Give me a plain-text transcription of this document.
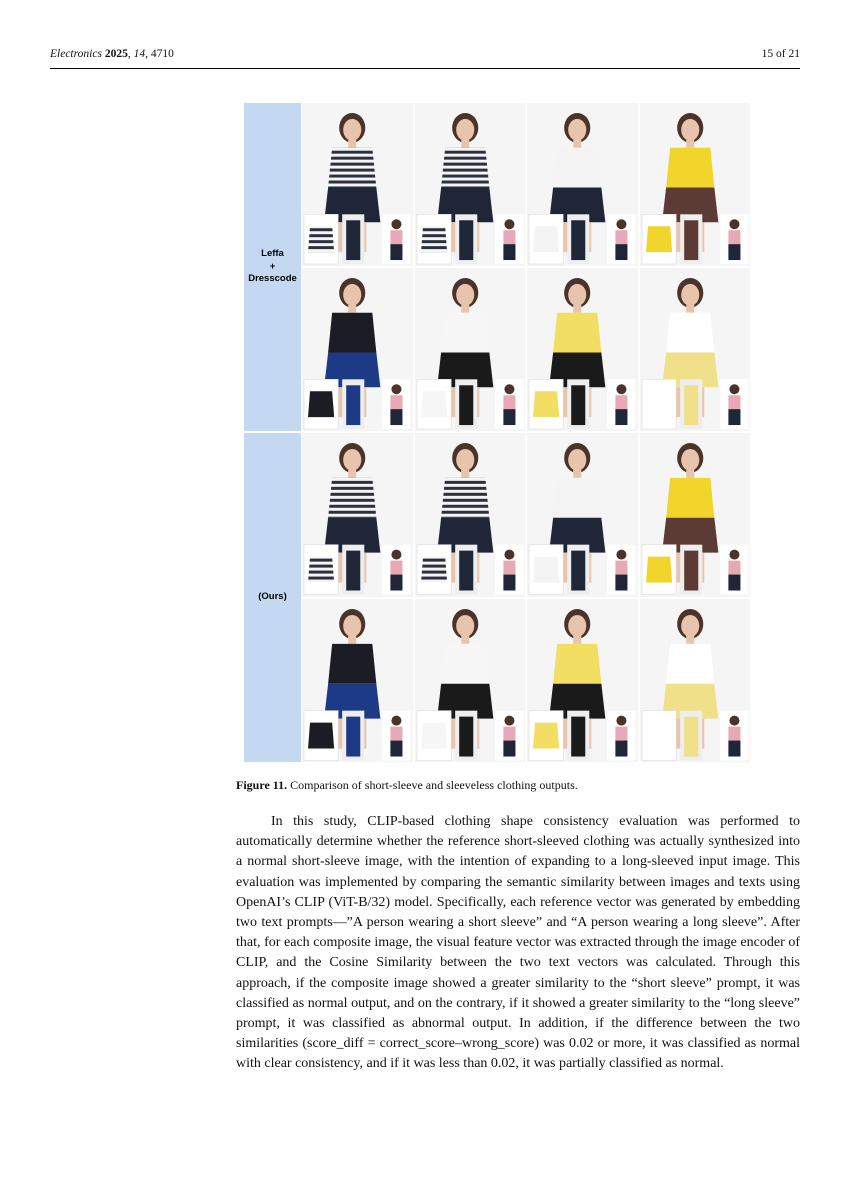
Electronics 2025, 14, 4710	15 of 21
Leffa
+
Dresscode
(Ours)
Figure 11. Comparison of short-sleeve and sleeveless clothing outputs.

In this study, CLIP-based clothing shape consistency evaluation was performed to automatically determine whether the reference short-sleeved clothing was actually synthesized into a normal short-sleeve image, with the intention of expanding to a long-sleeved input image. This evaluation was implemented by comparing the semantic similarity between images and texts using OpenAI’s CLIP (ViT-B/32) model. Specifically, each reference vector was generated by embedding two text prompts—”A person wearing a short sleeve” and “A person wearing a long sleeve”. After that, for each composite image, the visual feature vector was extracted through the image encoder of CLIP, and the Cosine Similarity between the two text vectors was calculated. Through this approach, if the composite image showed a greater similarity to the “short sleeve” prompt, it was classified as normal output, and on the contrary, if it showed a greater similarity to the “long sleeve” prompt, it was classified as abnormal output. In addition, if the difference between the two similarities (score_diff = correct_score–wrong_score) was 0.02 or more, it was classified as normal with clear consistency, and if it was less than 0.02, it was partially classified as normal.
